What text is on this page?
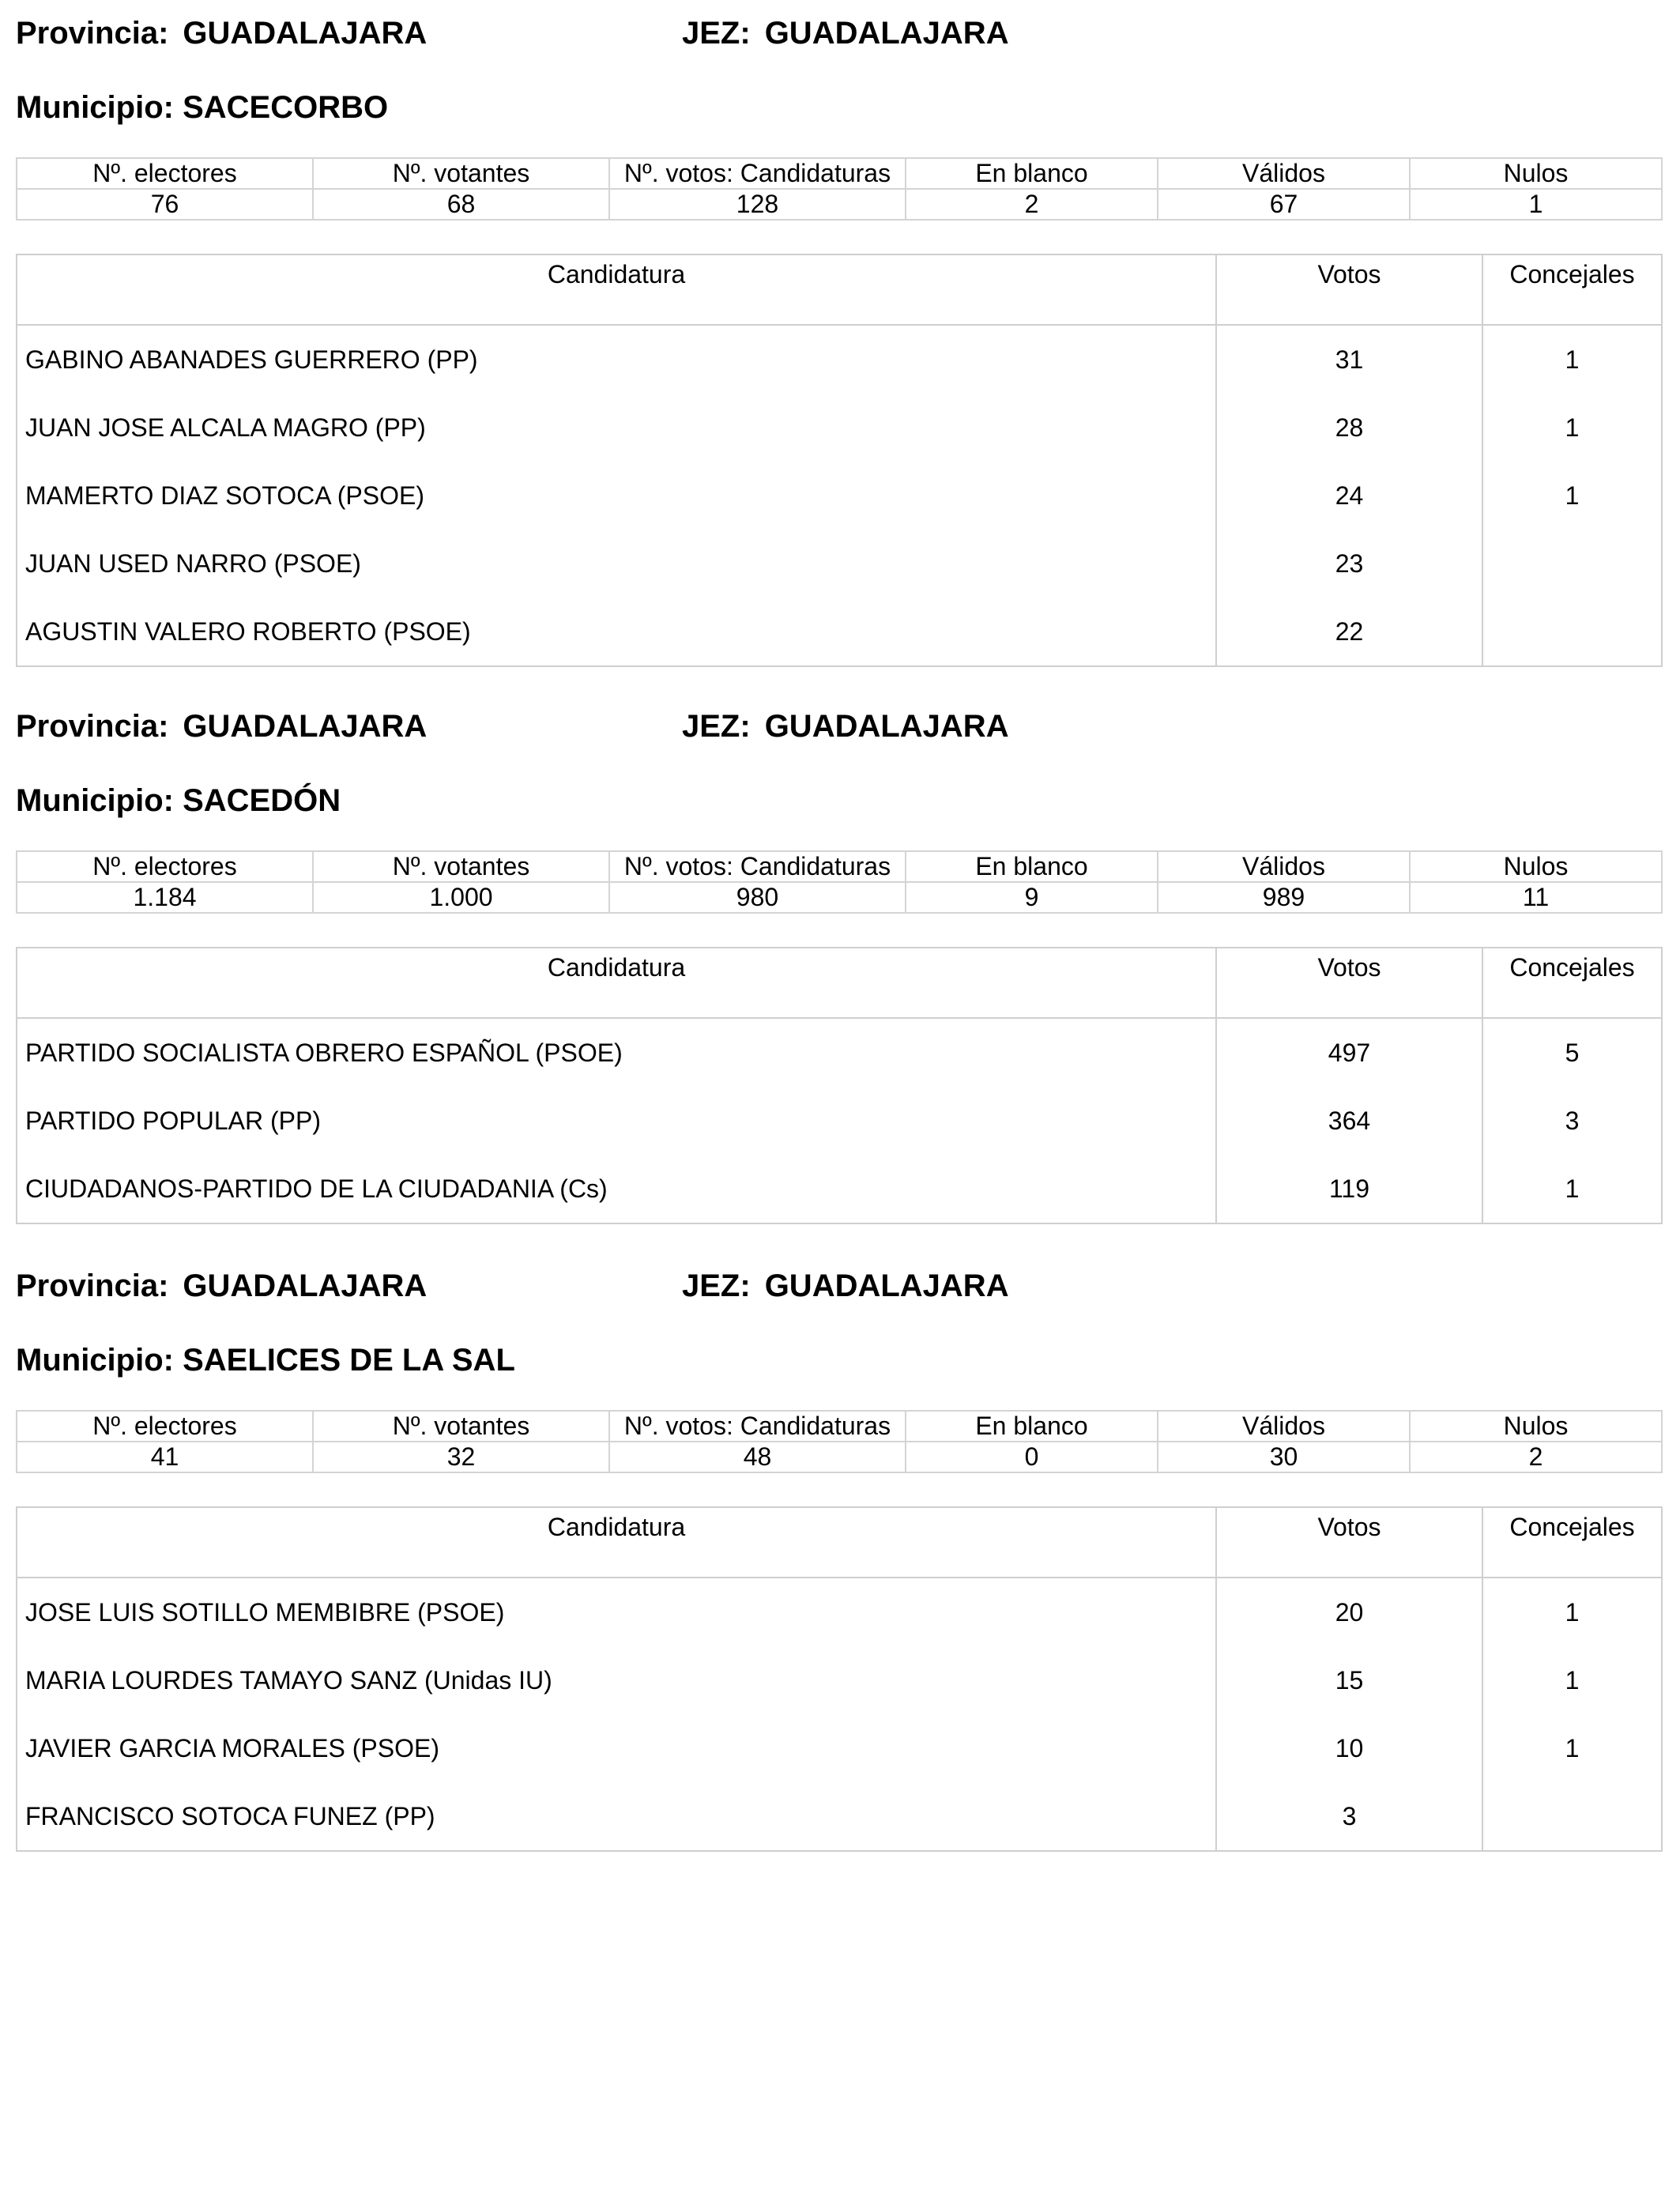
Provincia: GUADALAJARA	JEZ: GUADALAJARA
Municipio: SACECORBO
Nº. electores	Nº. votantes	Nº. votos: Candidaturas	En blanco	Válidos	Nulos
76	68	128	2	67	1
Candidatura	Votos	Concejales
GABINO ABANADES GUERRERO (PP)	31	1
JUAN JOSE ALCALA MAGRO (PP)	28	1
MAMERTO DIAZ SOTOCA (PSOE)	24	1
JUAN USED NARRO (PSOE)	23	
AGUSTIN VALERO ROBERTO (PSOE)	22	
Provincia: GUADALAJARA	JEZ: GUADALAJARA
Municipio: SACEDÓN
Nº. electores	Nº. votantes	Nº. votos: Candidaturas	En blanco	Válidos	Nulos
1.184	1.000	980	9	989	11
Candidatura	Votos	Concejales
PARTIDO SOCIALISTA OBRERO ESPAÑOL (PSOE)	497	5
PARTIDO POPULAR (PP)	364	3
CIUDADANOS-PARTIDO DE LA CIUDADANIA (Cs)	119	1
Provincia: GUADALAJARA	JEZ: GUADALAJARA
Municipio: SAELICES DE LA SAL
Nº. electores	Nº. votantes	Nº. votos: Candidaturas	En blanco	Válidos	Nulos
41	32	48	0	30	2
Candidatura	Votos	Concejales
JOSE LUIS SOTILLO MEMBIBRE (PSOE)	20	1
MARIA LOURDES TAMAYO SANZ (Unidas IU)	15	1
JAVIER GARCIA MORALES (PSOE)	10	1
FRANCISCO SOTOCA FUNEZ (PP)	3	
